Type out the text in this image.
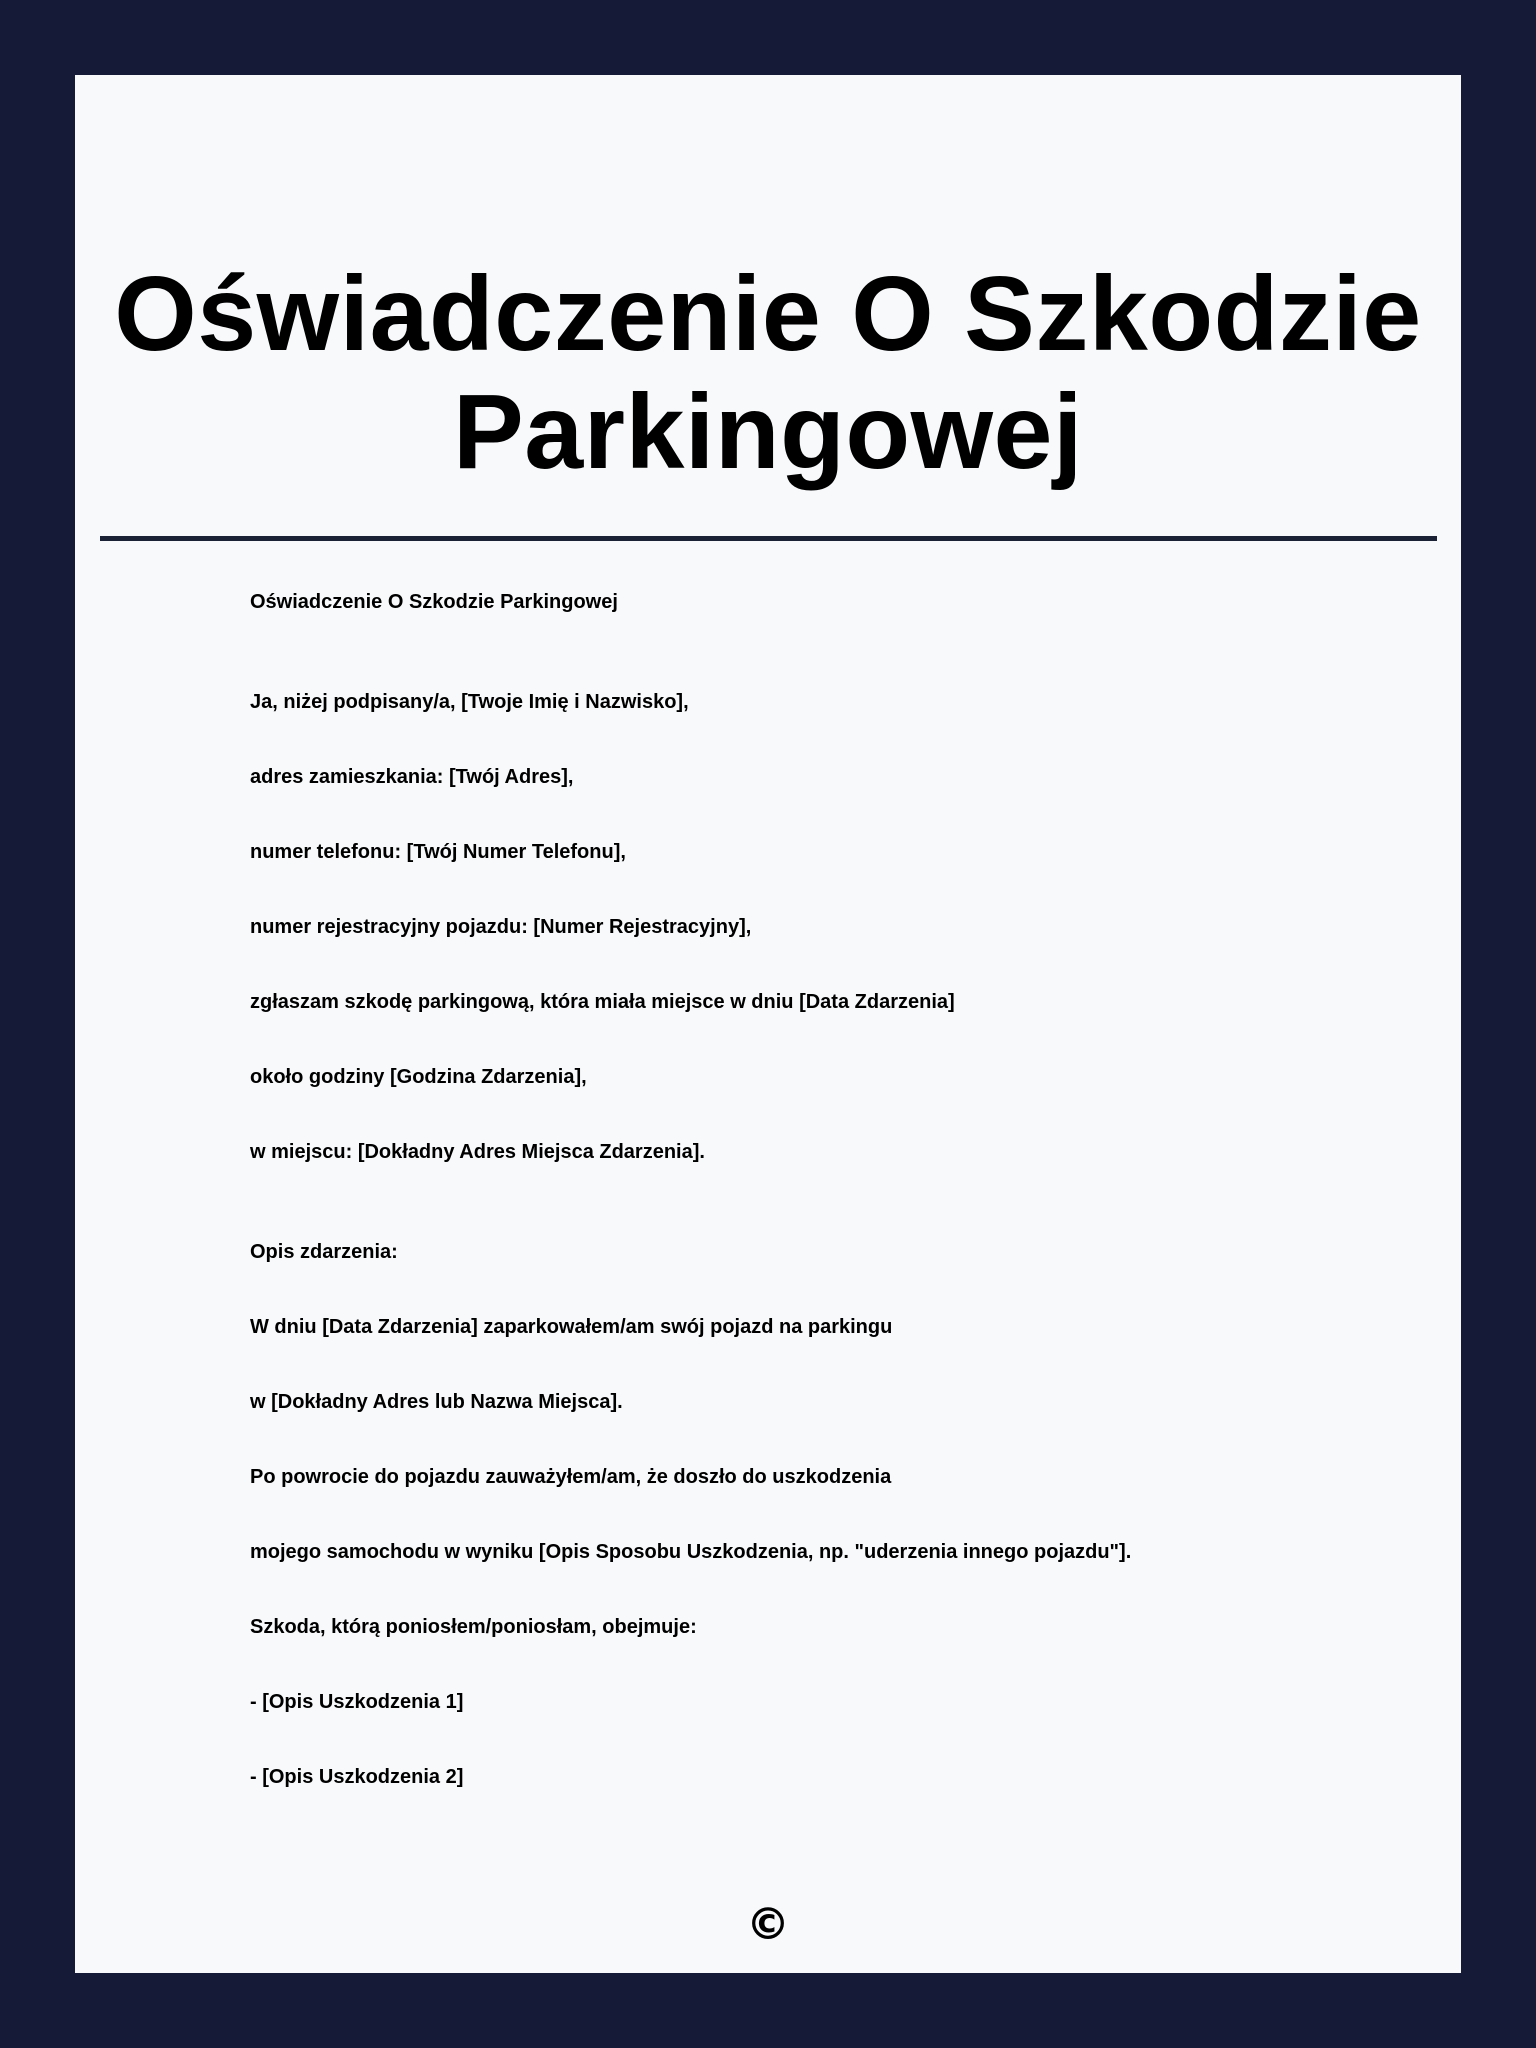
Oświadczenie O Szkodzie Parkingowej
Oświadczenie O Szkodzie Parkingowej
Ja, niżej podpisany/a, [Twoje Imię i Nazwisko],
adres zamieszkania: [Twój Adres],
numer telefonu: [Twój Numer Telefonu],
numer rejestracyjny pojazdu: [Numer Rejestracyjny],
zgłaszam szkodę parkingową, która miała miejsce w dniu [Data Zdarzenia]
około godziny [Godzina Zdarzenia],
w miejscu: [Dokładny Adres Miejsca Zdarzenia].
Opis zdarzenia:
W dniu [Data Zdarzenia] zaparkowałem/am swój pojazd na parkingu
w [Dokładny Adres lub Nazwa Miejsca].
Po powrocie do pojazdu zauważyłem/am, że doszło do uszkodzenia
mojego samochodu w wyniku [Opis Sposobu Uszkodzenia, np. "uderzenia innego pojazdu"].
Szkoda, którą poniosłem/poniosłam, obejmuje:
- [Opis Uszkodzenia 1]
- [Opis Uszkodzenia 2]
©
